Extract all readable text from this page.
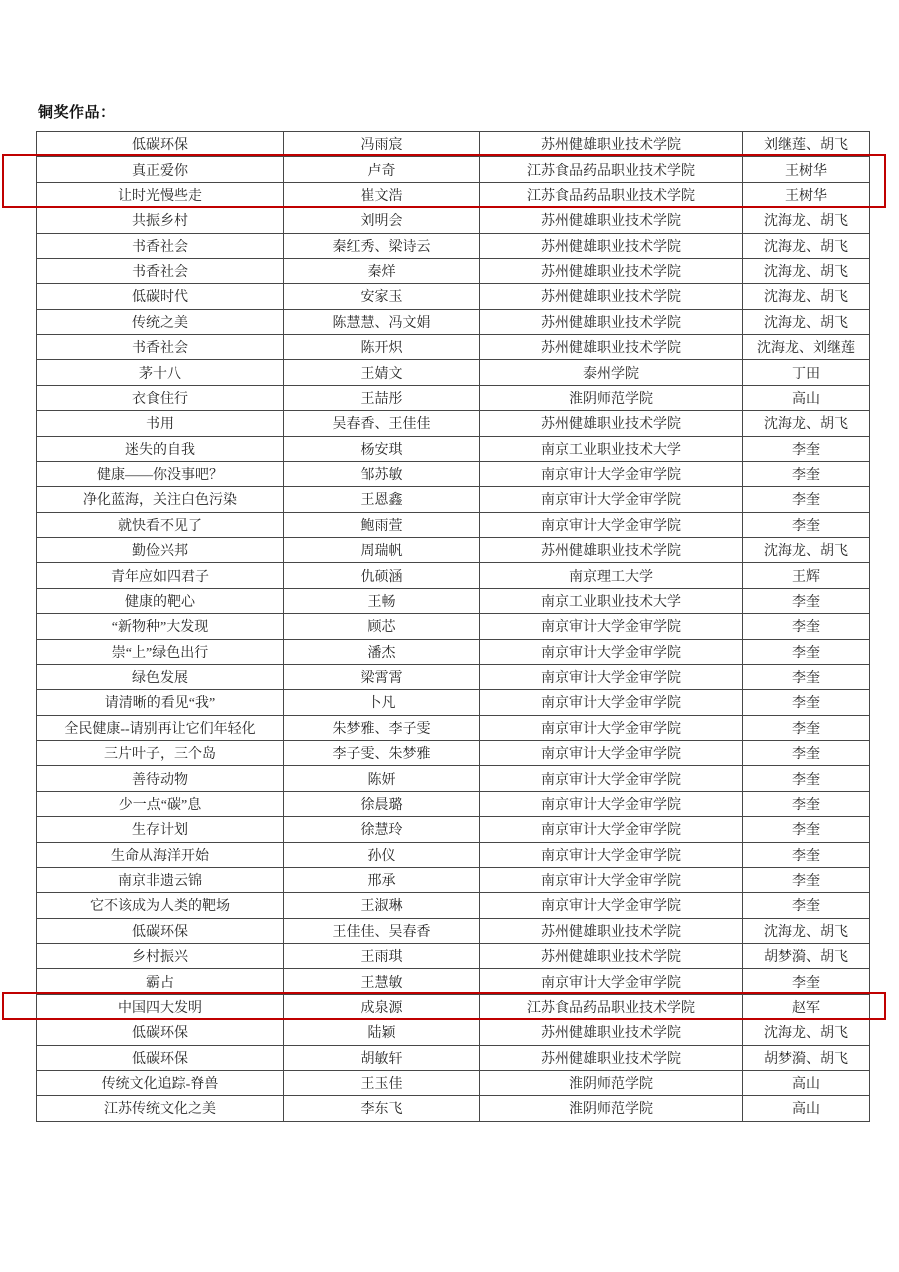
铜奖作品：
低碳环保	冯雨宸	苏州健雄职业技术学院	刘继莲、胡飞
真正爱你	卢奇	江苏食品药品职业技术学院	王树华
让时光慢些走	崔文浩	江苏食品药品职业技术学院	王树华
共振乡村	刘明会	苏州健雄职业技术学院	沈海龙、胡飞
书香社会	秦红秀、梁诗云	苏州健雄职业技术学院	沈海龙、胡飞
书香社会	秦烊	苏州健雄职业技术学院	沈海龙、胡飞
低碳时代	安家玉	苏州健雄职业技术学院	沈海龙、胡飞
传统之美	陈慧慧、冯文娟	苏州健雄职业技术学院	沈海龙、胡飞
书香社会	陈开炽	苏州健雄职业技术学院	沈海龙、刘继莲
茅十八	王婧文	泰州学院	丁田
衣食住行	王喆彤	淮阴师范学院	高山
书用	吴春香、王佳佳	苏州健雄职业技术学院	沈海龙、胡飞
迷失的自我	杨安琪	南京工业职业技术大学	李奎
健康——你没事吧？	邹苏敏	南京审计大学金审学院	李奎
净化蓝海，关注白色污染	王恩鑫	南京审计大学金审学院	李奎
就快看不见了	鲍雨萱	南京审计大学金审学院	李奎
勤俭兴邦	周瑞帆	苏州健雄职业技术学院	沈海龙、胡飞
青年应如四君子	仇硕涵	南京理工大学	王辉
健康的靶心	王畅	南京工业职业技术大学	李奎
“新物种”大发现	顾芯	南京审计大学金审学院	李奎
崇“上”绿色出行	潘杰	南京审计大学金审学院	李奎
绿色发展	梁霄霄	南京审计大学金审学院	李奎
请清晰的看见“我”	卜凡	南京审计大学金审学院	李奎
全民健康--请别再让它们年轻化	朱梦雅、李子雯	南京审计大学金审学院	李奎
三片叶子，三个岛	李子雯、朱梦雅	南京审计大学金审学院	李奎
善待动物	陈妍	南京审计大学金审学院	李奎
少一点“碳”息	徐晨璐	南京审计大学金审学院	李奎
生存计划	徐慧玲	南京审计大学金审学院	李奎
生命从海洋开始	孙仪	南京审计大学金审学院	李奎
南京非遗云锦	邢承	南京审计大学金审学院	李奎
它不该成为人类的靶场	王淑琳	南京审计大学金审学院	李奎
低碳环保	王佳佳、吴春香	苏州健雄职业技术学院	沈海龙、胡飞
乡村振兴	王雨琪	苏州健雄职业技术学院	胡梦漪、胡飞
霸占	王慧敏	南京审计大学金审学院	李奎
中国四大发明	成泉源	江苏食品药品职业技术学院	赵军
低碳环保	陆颖	苏州健雄职业技术学院	沈海龙、胡飞
低碳环保	胡敏轩	苏州健雄职业技术学院	胡梦漪、胡飞
传统文化追踪-脊兽	王玉佳	淮阴师范学院	高山
江苏传统文化之美	李东飞	淮阴师范学院	高山
